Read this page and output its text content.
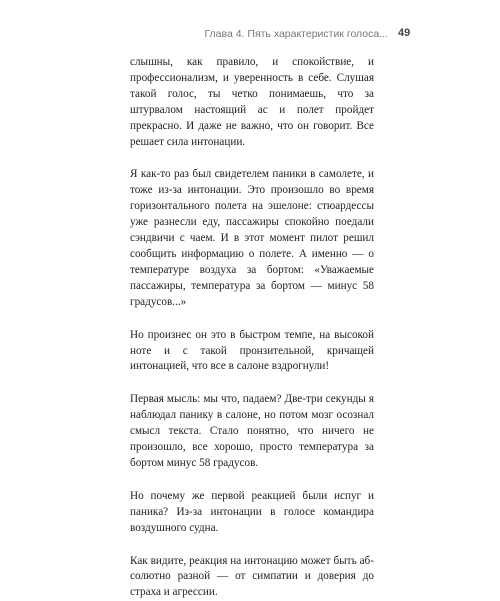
Глава 4. Пять характеристик голоса... 49

слышны, как правило, и спокойствие, и профессионализм, и уверенность в себе. Слушая такой голос, ты четко понимаешь, что за штурвалом настоящий ас и полет пройдет прекрасно. И даже не важно, что он говорит. Все решает сила интонации.

Я как-то раз был свидетелем паники в самолете, и тоже из-за интонации. Это произошло во время горизонтального полета на эшелоне: стюардессы уже разнесли еду, пассажиры спокойно поедали сэндвичи с чаем. И в этот момент пилот решил сообщить информацию о полете. А именно — о температуре воздуха за бортом: «Уважаемые пассажиры, температура за бортом — минус 58 градусов...»

Но произнес он это в быстром темпе, на высокой ноте и с такой пронзительной, кричащей интонацией, что все в салоне вздрогнули!

Первая мысль: мы что, падаем? Две-три секунды я наблюдал панику в салоне, но потом мозг осознал смысл текста. Стало понятно, что ничего не произошло, все хорошо, просто температура за бортом минус 58 градусов.

Но почему же первой реакцией были испуг и паника? Из-за интонации в голосе командира воздушного судна.

Как видите, реакция на интонацию может быть абсолютно разной — от симпатии и доверия до страха и агрессии.
